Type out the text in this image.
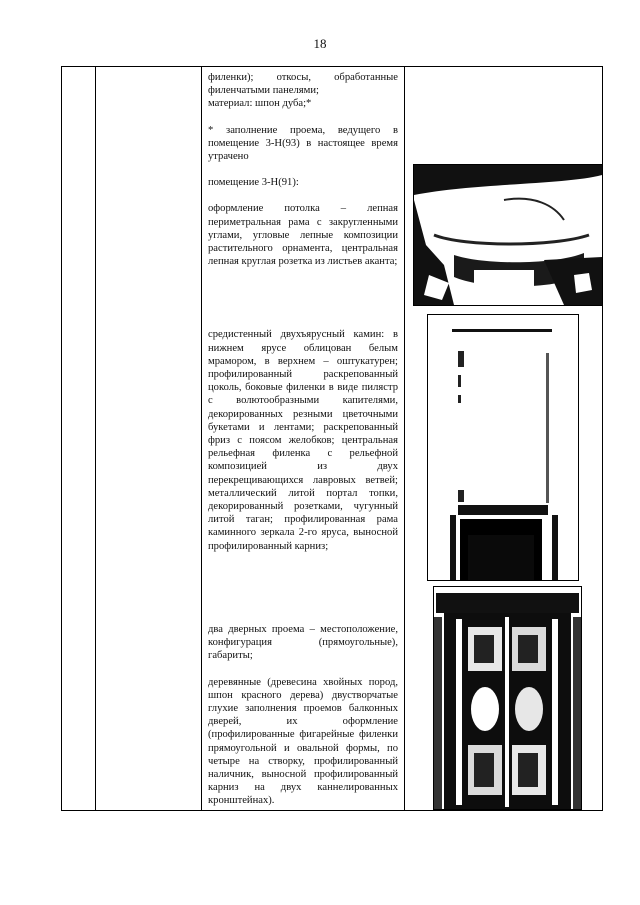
18

филенки); откосы, обработанные филенчатыми панелями;

материал: шпон дуба;*

* заполнение проема, ведущего в помещение 3-Н(93) в настоящее время утрачено

помещение 3-Н(91):

оформление потолка – лепная периметральная рама с закругленными углами, угловые лепные композиции растительного орнамента, центральная лепная круглая розетка из листьев аканта;

средистенный двухъярусный камин: в нижнем ярусе облицован белым мрамором, в верхнем – оштукатурен; профилированный раскрепованный цоколь, боковые филенки в виде пилястр с волютообразными капителями, декорированных резными цветочными букетами и лентами; раскрепованный фриз с поясом желобков; центральная рельефная филенка с рельефной композицией из двух перекрещивающихся лавровых ветвей; металлический литой портал топки, декорированный розетками, чугунный литой таган; профилированная рама каминного зеркала 2-го яруса, выносной профилированный карниз;

два дверных проема – местоположение, конфигурация (прямоугольные), габариты;

деревянные (древесина хвойных пород, шпон красного дерева) двустворчатые глухие заполнения проемов балконных дверей, их оформление (профилированные фигарейные филенки прямоугольной и овальной формы, по четыре на створку, профилированный наличник, выносной профилированный карниз на двух каннелированных кронштейнах).
